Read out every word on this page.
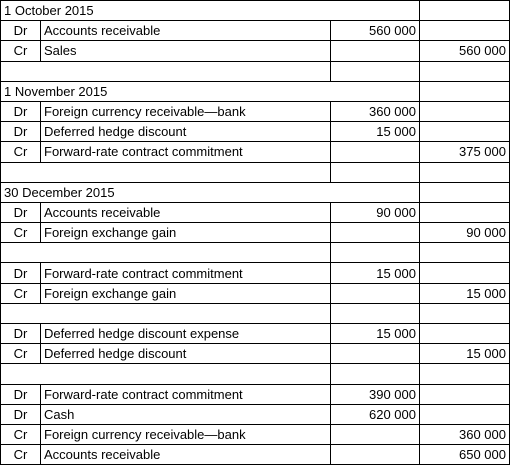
1 October 2015			
Dr	Accounts receivable	560 000	
Cr	Sales		560 000

1 November 2015			
Dr	Foreign currency receivable—bank	360 000	
Dr	Deferred hedge discount	15 000	
Cr	Forward-rate contract commitment		375 000

30 December 2015			
Dr	Accounts receivable	90 000	
Cr	Foreign exchange gain		90 000

Dr	Forward-rate contract commitment	15 000	
Cr	Foreign exchange gain		15 000

Dr	Deferred hedge discount expense	15 000	
Cr	Deferred hedge discount		15 000

Dr	Forward-rate contract commitment	390 000	
Dr	Cash	620 000	
Cr	Foreign currency receivable—bank		360 000
Cr	Accounts receivable		650 000
